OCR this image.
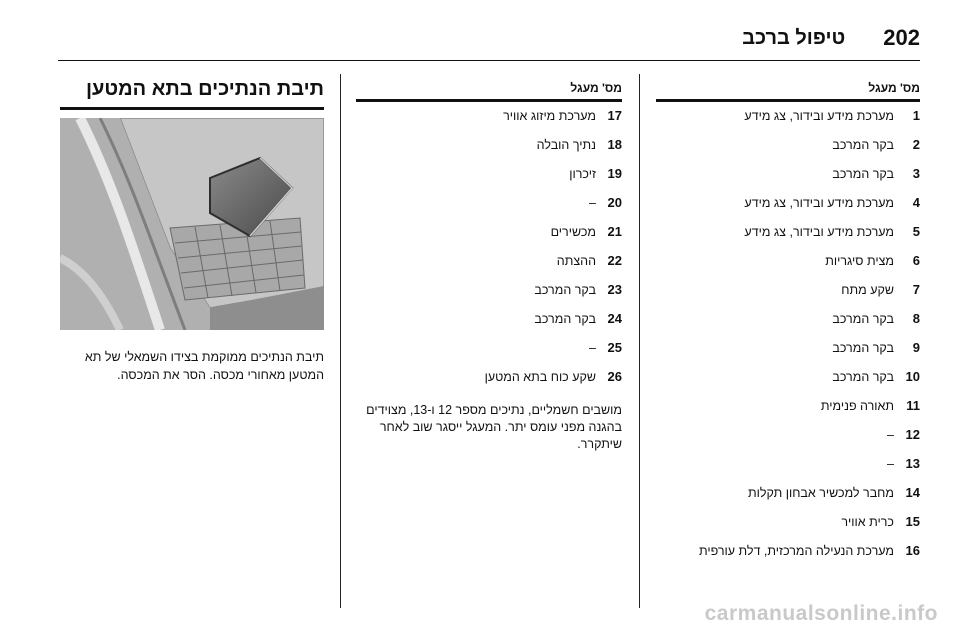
202
טיפול ברכב
מס' מעגל
1
מערכת מידע ובידור, צג מידע
2
בקר המרכב
3
בקר המרכב
4
מערכת מידע ובידור, צג מידע
5
מערכת מידע ובידור, צג מידע
6
מצית סיגריות
7
שקע מתח
8
בקר המרכב
9
בקר המרכב
10
בקר המרכב
11
תאורה פנימית
12
–
13
–
14
מחבר למכשיר אבחון תקלות
15
כרית אוויר
16
מערכת הנעילה המרכזית, דלת עורפית
מס' מעגל
17
מערכת מיזוג אוויר
18
נתיך הובלה
19
זיכרון
20
–
21
מכשירים
22
ההצתה
23
בקר המרכב
24
בקר המרכב
25
–
26
שקע כוח בתא המטען
מושבים חשמליים, נתיכים מספר 12 ו-13, מצוידים בהגנה מפני עומס יתר. המעגל ייסגר שוב לאחר שיתקרר.
תיבת הנתיכים בתא המטען
תיבת הנתיכים ממוקמת בצידו השמאלי של תא המטען מאחורי מכסה. הסר את המכסה.
carmanualsonline.info
